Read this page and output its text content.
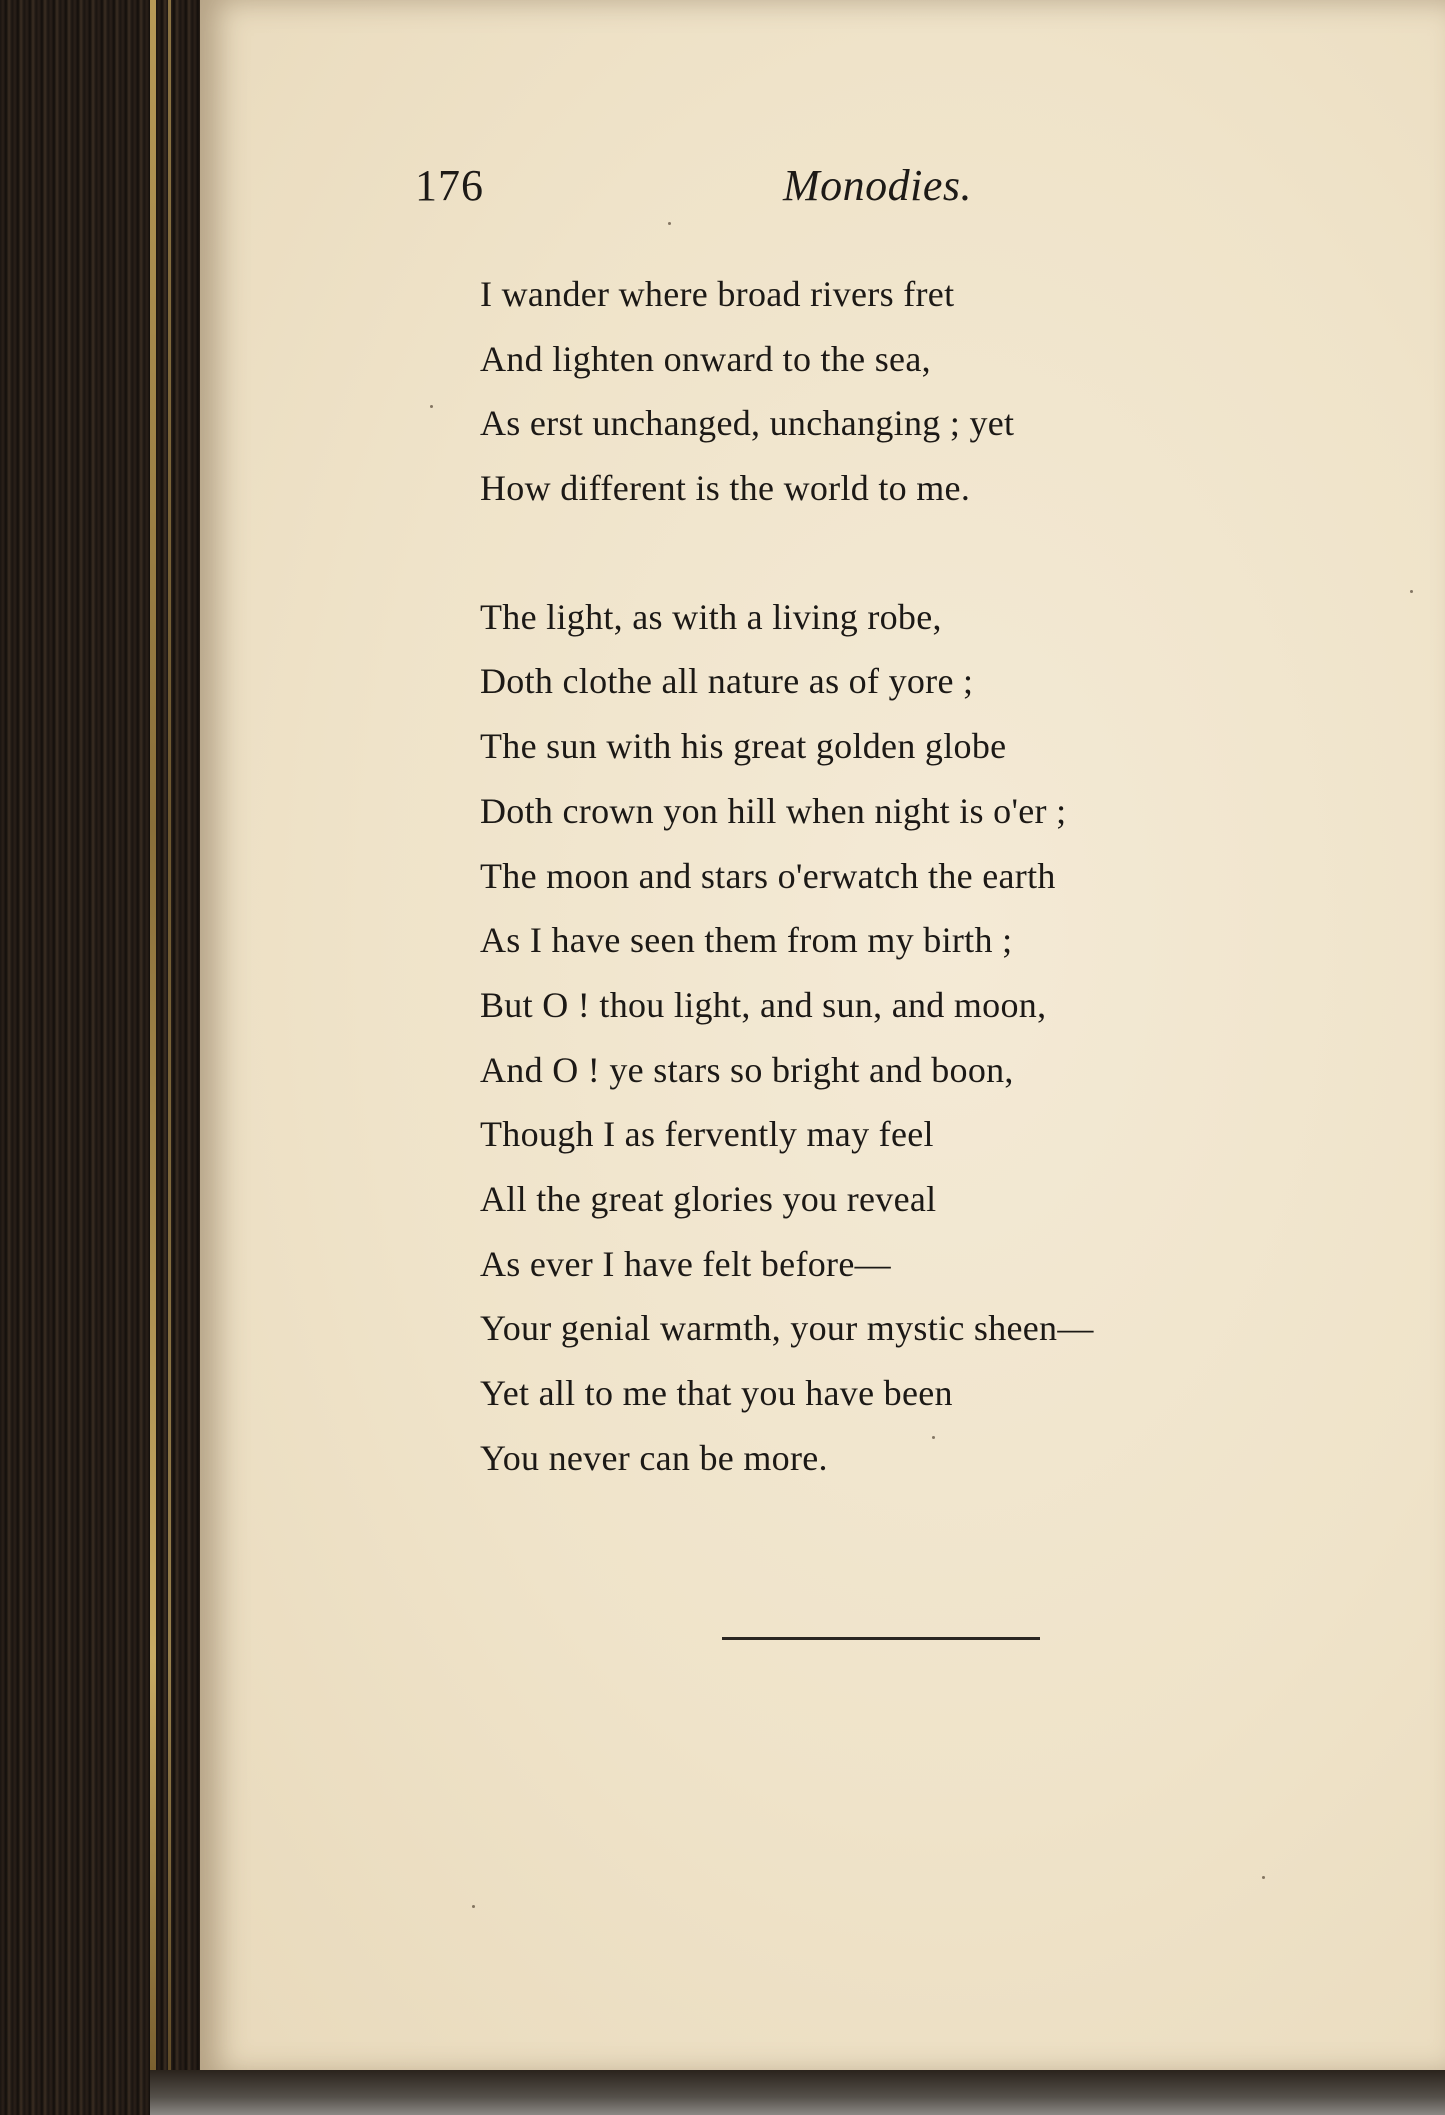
176	Monodies.
I wander where broad rivers fret
And lighten onward to the sea,
As erst unchanged, unchanging ; yet
How different is the world to me.
The light, as with a living robe,
Doth clothe all nature as of yore ;
The sun with his great golden globe
Doth crown yon hill when night is o'er ;
The moon and stars o'erwatch the earth
As I have seen them from my birth ;
But O ! thou light, and sun, and moon,
And O ! ye stars so bright and boon,
Though I as fervently may feel
All the great glories you reveal
As ever I have felt before—
Your genial warmth, your mystic sheen—
Yet all to me that you have been
You never can be more.
